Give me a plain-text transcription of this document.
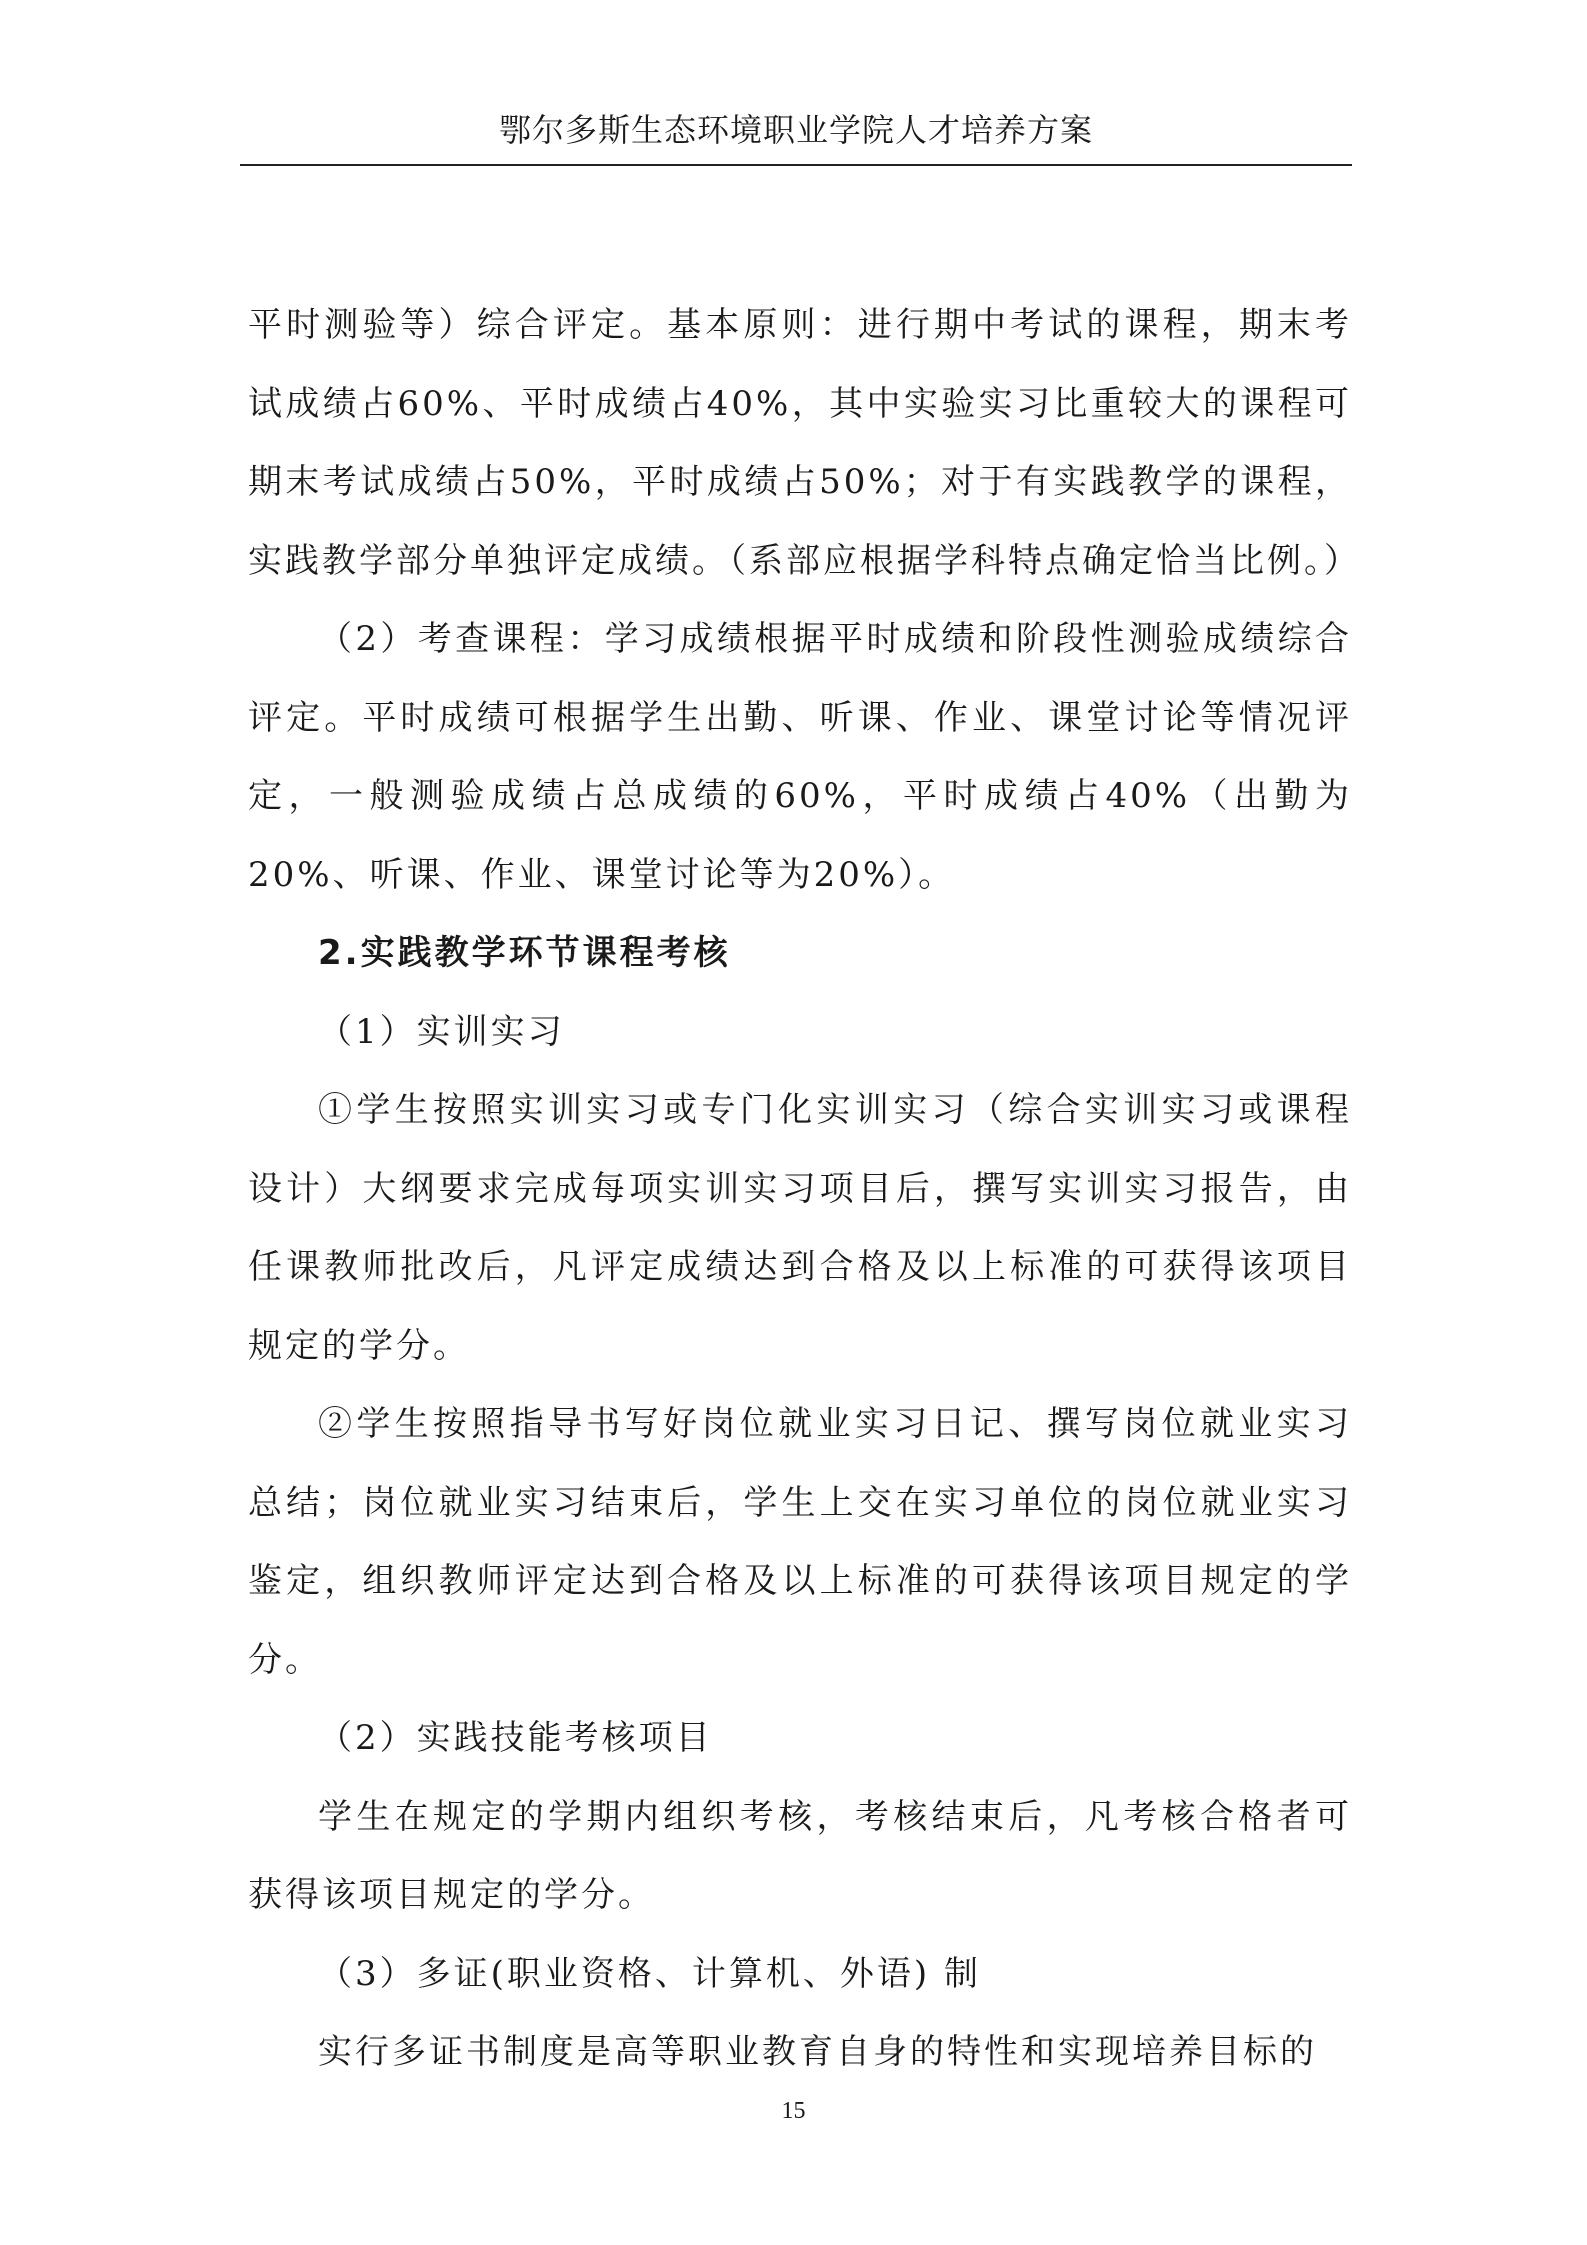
鄂尔多斯生态环境职业学院人才培养方案

平时测验等）综合评定。基本原则：进行期中考试的课程，期末考试成绩占60%、平时成绩占40%，其中实验实习比重较大的课程可期末考试成绩占50%，平时成绩占50%；对于有实践教学的课程，实践教学部分单独评定成绩。（系部应根据学科特点确定恰当比例。）

（2）考查课程：学习成绩根据平时成绩和阶段性测验成绩综合评定。平时成绩可根据学生出勤、听课、作业、课堂讨论等情况评定，一般测验成绩占总成绩的60%，平时成绩占40%（出勤为20%、听课、作业、课堂讨论等为20%）。

2.实践教学环节课程考核

（1）实训实习

①学生按照实训实习或专门化实训实习（综合实训实习或课程设计）大纲要求完成每项实训实习项目后，撰写实训实习报告，由任课教师批改后，凡评定成绩达到合格及以上标准的可获得该项目规定的学分。

②学生按照指导书写好岗位就业实习日记、撰写岗位就业实习总结；岗位就业实习结束后，学生上交在实习单位的岗位就业实习鉴定，组织教师评定达到合格及以上标准的可获得该项目规定的学分。

（2）实践技能考核项目

学生在规定的学期内组织考核，考核结束后，凡考核合格者可获得该项目规定的学分。

（3）多证(职业资格、计算机、外语) 制

实行多证书制度是高等职业教育自身的特性和实现培养目标的

15
